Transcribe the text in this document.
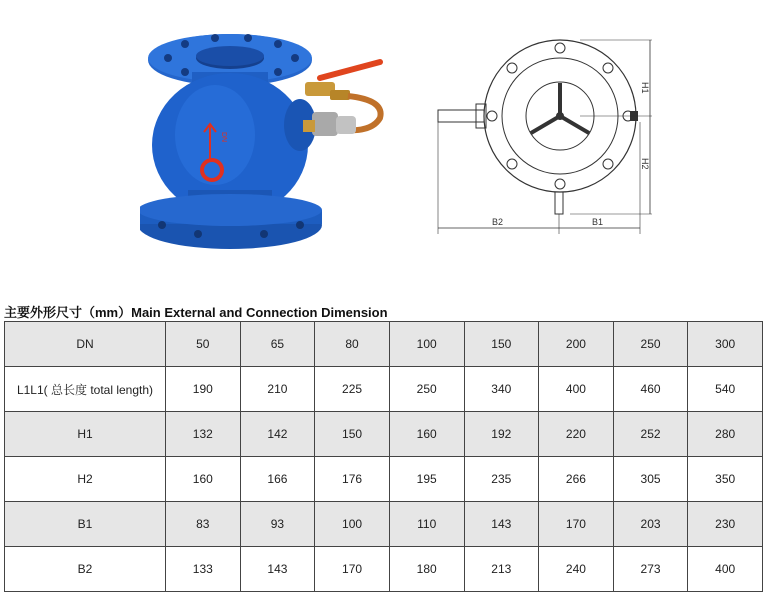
DN
H1
H2
B2	B1
主要外形尺寸（mm）Main External and Connection Dimension
DN	50	65	80	100	150	200	250	300
L1L1( 总长度 total length)	190	210	225	250	340	400	460	540
H1	132	142	150	160	192	220	252	280
H2	160	166	176	195	235	266	305	350
B1	83	93	100	110	143	170	203	230
B2	133	143	170	180	213	240	273	400
